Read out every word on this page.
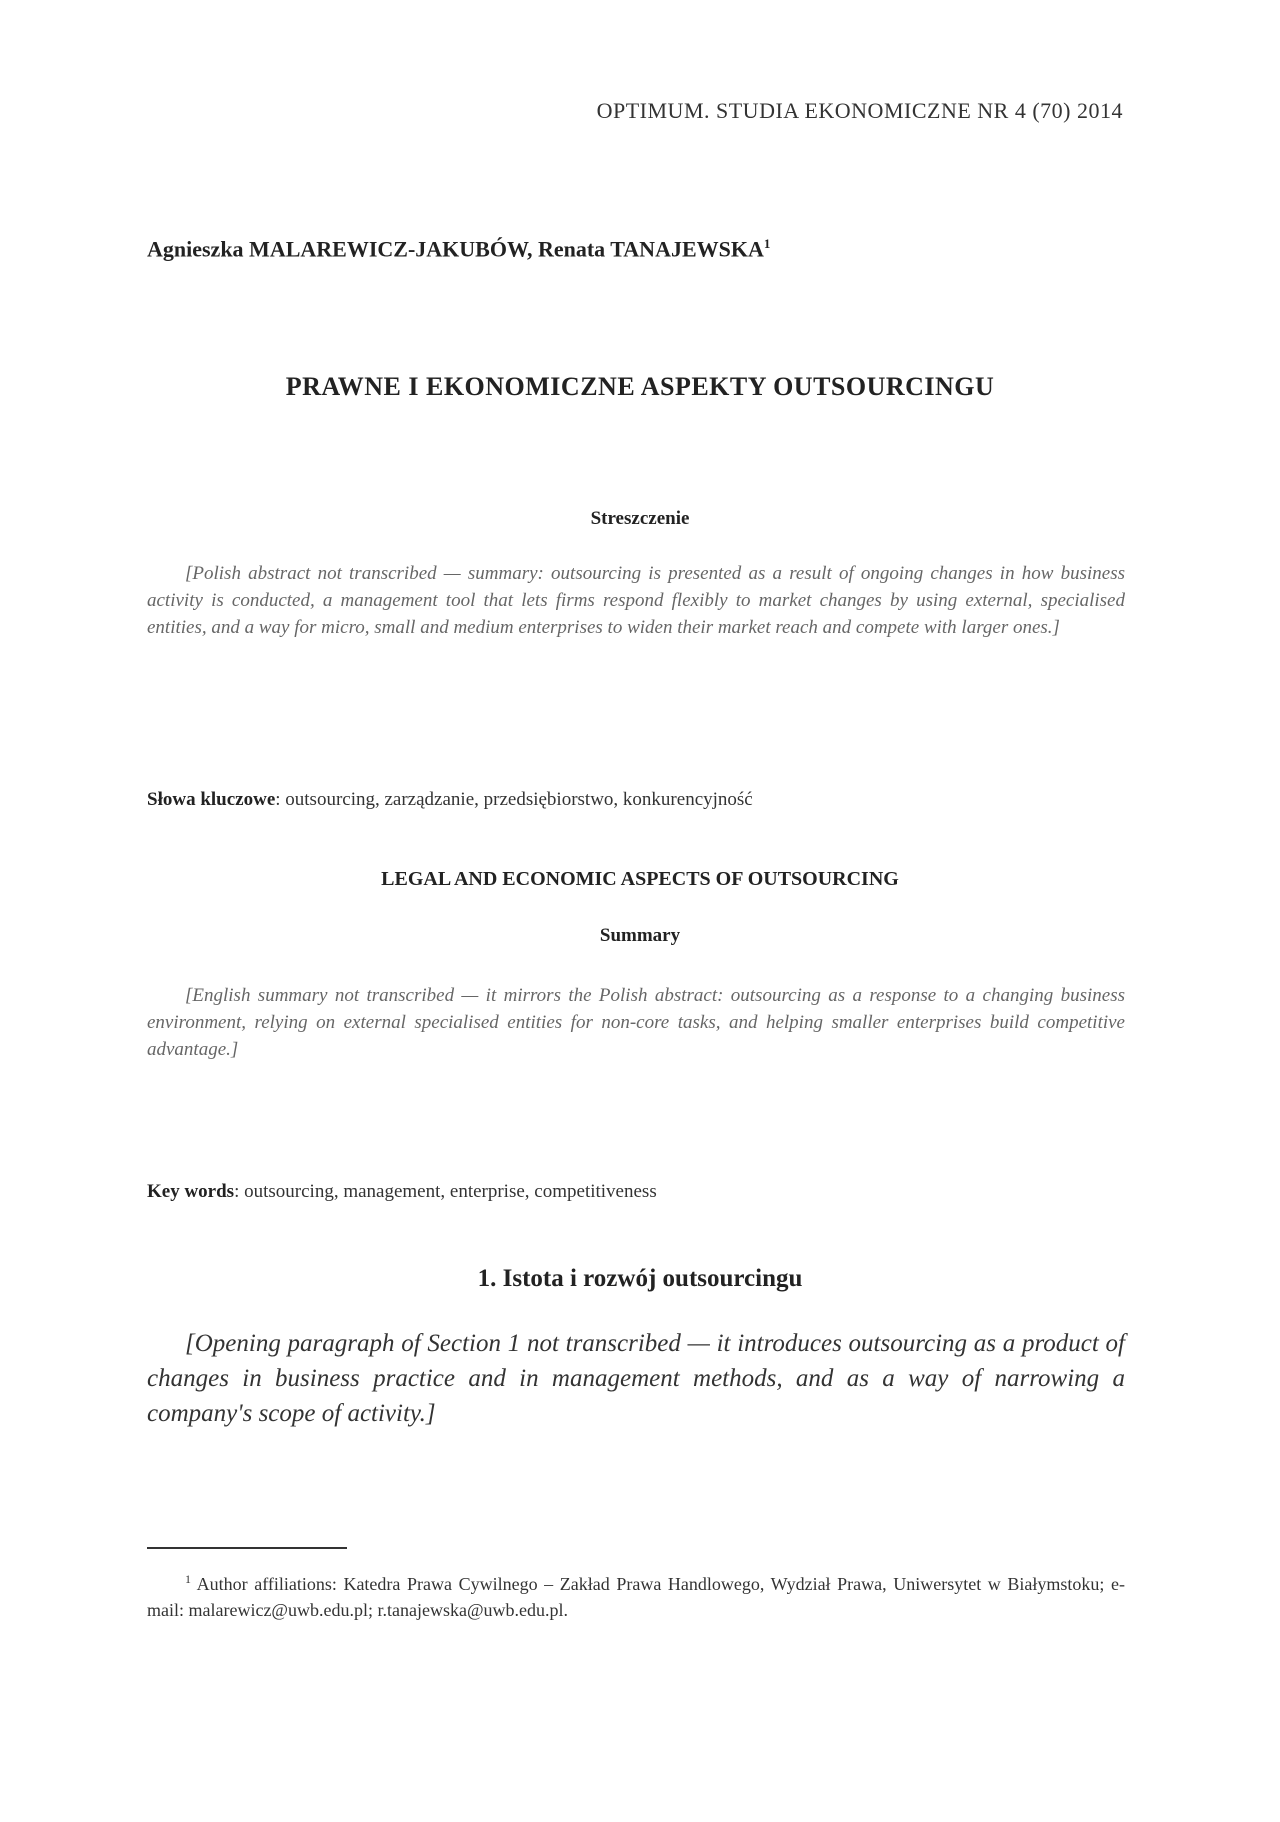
OPTIMUM. STUDIA EKONOMICZNE NR 4 (70) 2014
Agnieszka MALAREWICZ-JAKUBÓW, Renata TANAJEWSKA$^1$
PRAWNE I EKONOMICZNE ASPEKTY OUTSOURCINGU
Streszczenie
[Polish abstract not transcribed — summary: outsourcing is presented as a result of ongoing changes in how business activity is conducted, a management tool that lets firms respond flexibly to market changes by using external, specialised entities, and a way for micro, small and medium enterprises to widen their market reach and compete with larger ones.]
Słowa kluczowe: outsourcing, zarządzanie, przedsiębiorstwo, konkurencyjność
LEGAL AND ECONOMIC ASPECTS OF OUTSOURCING
Summary
[English summary not transcribed — it mirrors the Polish abstract: outsourcing as a response to a changing business environment, relying on external specialised entities for non-core tasks, and helping smaller enterprises build competitive advantage.]
Key words: outsourcing, management, enterprise, competitiveness
1. Istota i rozwój outsourcingu
[Opening paragraph of Section 1 not transcribed — it introduces outsourcing as a product of changes in business practice and in management methods, and as a way of narrowing a company's scope of activity.]
$^1$ Author affiliations: Katedra Prawa Cywilnego – Zakład Prawa Handlowego, Wydział Prawa, Uniwersytet w Białymstoku; e-mail: malarewicz@uwb.edu.pl; r.tanajewska@uwb.edu.pl.
